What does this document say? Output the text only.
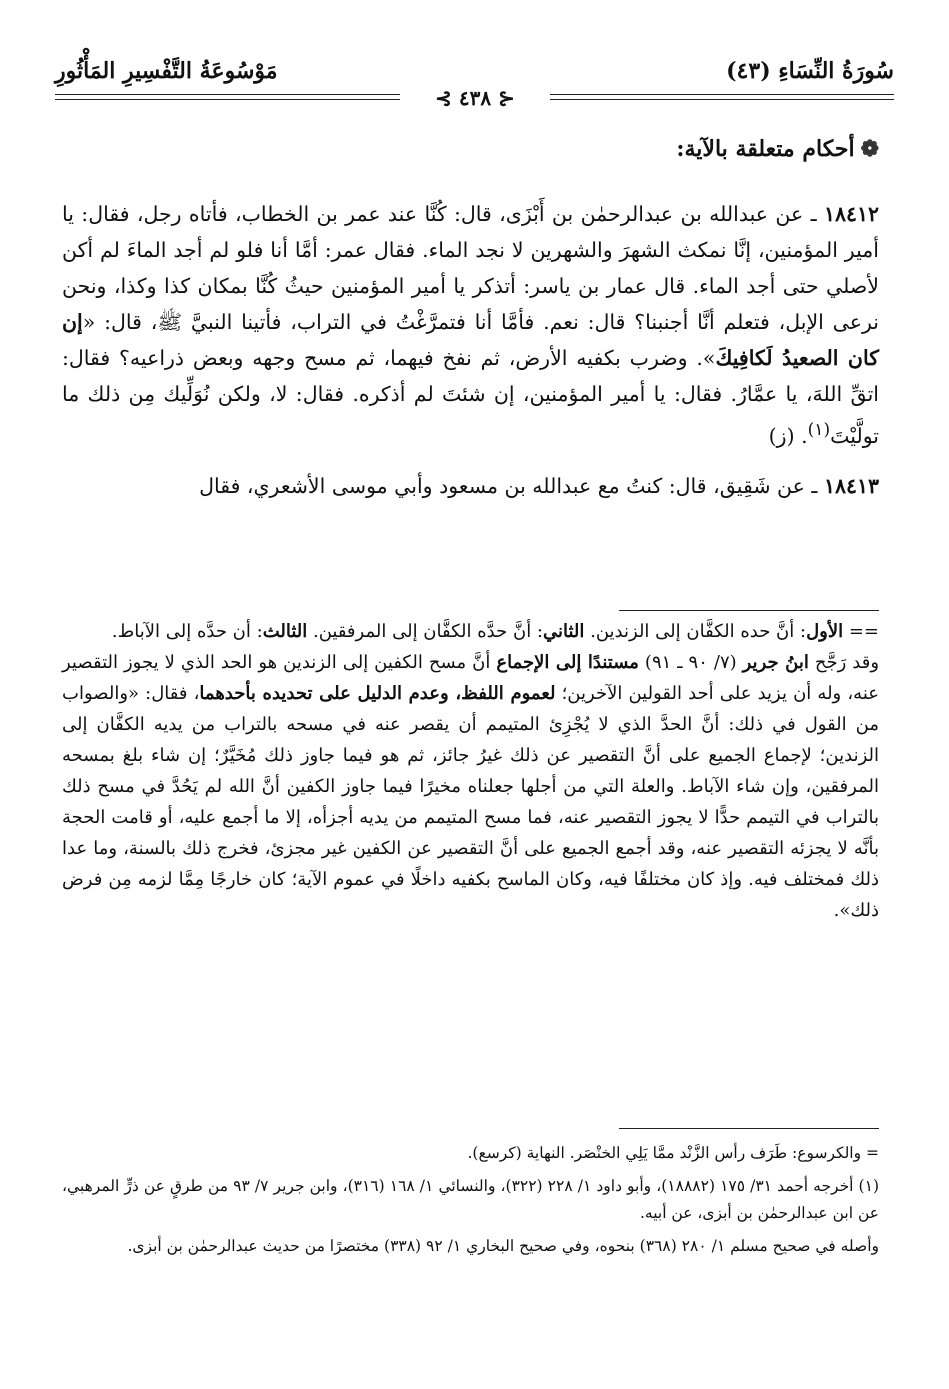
سُورَةُ النِّسَاءِ (٤٣)
مَوْسُوعَةُ التَّفْسِيرِ المَأْثُورِ
⊰ ٤٣٨ ⊱
❁أحكام متعلقة بالآية:

١٨٤١٢ ـ عن عبدالله بن عبدالرحمٰن بن أَبْزَى، قال: كُنَّا عند عمر بن الخطاب، فأتاه رجل، فقال: يا أمير المؤمنين، إنَّا نمكث الشهرَ والشهرين لا نجد الماء. فقال عمر: أمَّا أنا فلو لم أجد الماءَ لم أكن لأصلي حتى أجد الماء. قال عمار بن ياسر: أتذكر يا أمير المؤمنين حيثُ كُنَّا بمكان كذا وكذا، ونحن نرعى الإبل، فتعلم أنَّا أجنبنا؟ قال: نعم. فأمَّا أنا فتمرَّغْتُ في التراب، فأتينا النبيَّ ﷺ، قال: «إن كان الصعيدُ لَكافِيكَ». وضرب بكفيه الأرض، ثم نفخ فيهما، ثم مسح وجهه وبعض ذراعيه؟ فقال: اتقِّ اللهَ، يا عمَّارُ. فقال: يا أمير المؤمنين، إن شئتَ لم أذكره. فقال: لا، ولكن نُوَلِّيك مِن ذلك ما تولَّيْتَ$^{(١)}$. (ز)

١٨٤١٣ ـ عن شَقِيق، قال: كنتُ مع عبدالله بن مسعود وأبي موسى الأشعري، فقال

== الأول: أنَّ حده الكفَّان إلى الزندين. الثاني: أنَّ حدَّه الكفَّان إلى المرفقين. الثالث: أن حدَّه إلى الآباط.

وقد رَجَّح ابنُ جرير (٧/ ٩٠ ـ ٩١) مستندًا إلى الإجماع أنَّ مسح الكفين إلى الزندين هو الحد الذي لا يجوز التقصير عنه، وله أن يزيد على أحد القولين الآخرين؛ لعموم اللفظ، وعدم الدليل على تحديده بأحدهما، فقال: «والصواب من القول في ذلك: أنَّ الحدَّ الذي لا يُجْزِئ المتيمم أن يقصر عنه في مسحه بالتراب من يديه الكفَّان إلى الزندين؛ لإجماع الجميع على أنَّ التقصير عن ذلك غيرُ جائز، ثم هو فيما جاوز ذلك مُخَيَّرٌ؛ إن شاء بلغ بمسحه المرفقين، وإن شاء الآباط. والعلة التي من أجلها جعلناه مخيرًا فيما جاوز الكفين أنَّ الله لم يَحُدَّ في مسح ذلك بالتراب في التيمم حدًّا لا يجوز التقصير عنه، فما مسح المتيمم من يديه أجزأه، إلا ما أجمع عليه، أو قامت الحجة بأنَّه لا يجزئه التقصير عنه، وقد أجمع الجميع على أنَّ التقصير عن الكفين غير مجزئ، فخرج ذلك بالسنة، وما عدا ذلك فمختلف فيه. وإذ كان مختلفًا فيه، وكان الماسح بكفيه داخلًا في عموم الآية؛ كان خارجًا مِمَّا لزمه مِن فرض ذلك».

= والكرسوع: طَرَف رأس الزَّنْد ممَّا يَلِي الخنْصَر. النهاية (كرسع).

(١) أخرجه أحمد ٣١/ ١٧٥ (١٨٨٨٢)، وأبو داود ١/ ٢٢٨ (٣٢٢)، والنسائي ١/ ١٦٨ (٣١٦)، وابن جرير ٧/ ٩٣ من طرقٍ عن ذرٍّ المرهبي، عن ابن عبدالرحمٰن بن أبزى، عن أبيه.

وأصله في صحيح مسلم ١/ ٢٨٠ (٣٦٨) بنحوه، وفي صحيح البخاري ١/ ٩٢ (٣٣٨) مختصرًا من حديث عبدالرحمٰن بن أبزى.
